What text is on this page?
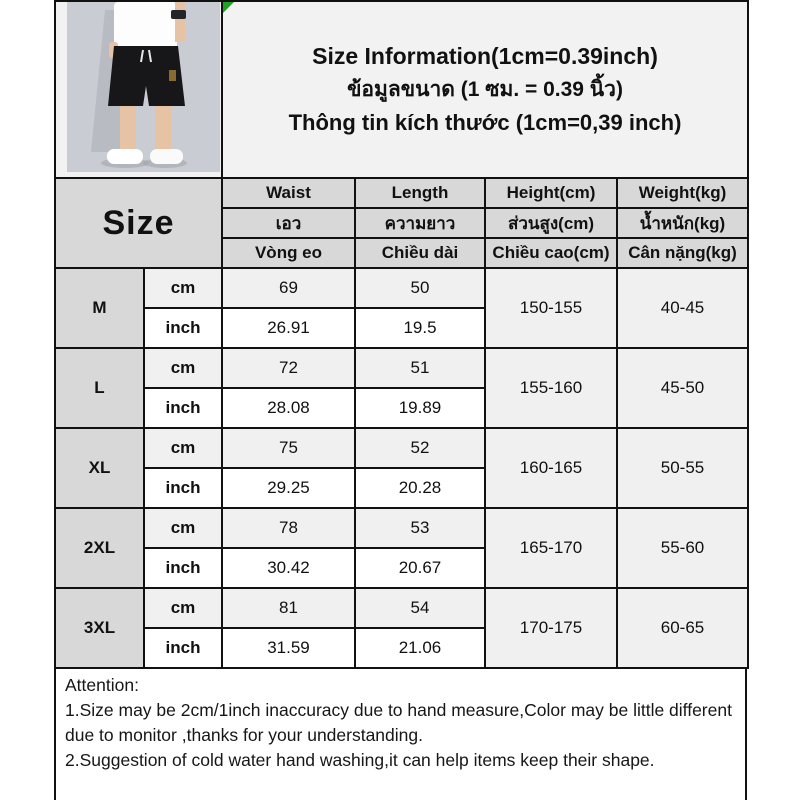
Size Information(1cm=0.39inch)
ข้อมูลขนาด (1 ซม. = 0.39 นิ้ว)
Thông tin kích thước (1cm=0,39 inch)			

Size		Waist	Length	Height(cm)	Weight(kg)
		เอว	ความยาว	ส่วนสูง(cm)	น้ำหนัก(kg)
		Vòng eo	Chiều dài	Chiều cao(cm)	Cân nặng(kg)
M	cm	69	50	150-155	40-45
	inch	26.91	19.5		
L	cm	72	51	155-160	45-50
	inch	28.08	19.89		
XL	cm	75	52	160-165	50-55
	inch	29.25	20.28		
2XL	cm	78	53	165-170	55-60
	inch	30.42	20.67		
3XL	cm	81	54	170-175	60-65
	inch	31.59	21.06		

Attention:

1.Size may be 2cm/1inch inaccuracy due to hand measure,Color may be little different due to monitor ,thanks for your understanding.

2.Suggestion of cold water hand washing,it can help items keep their shape.
